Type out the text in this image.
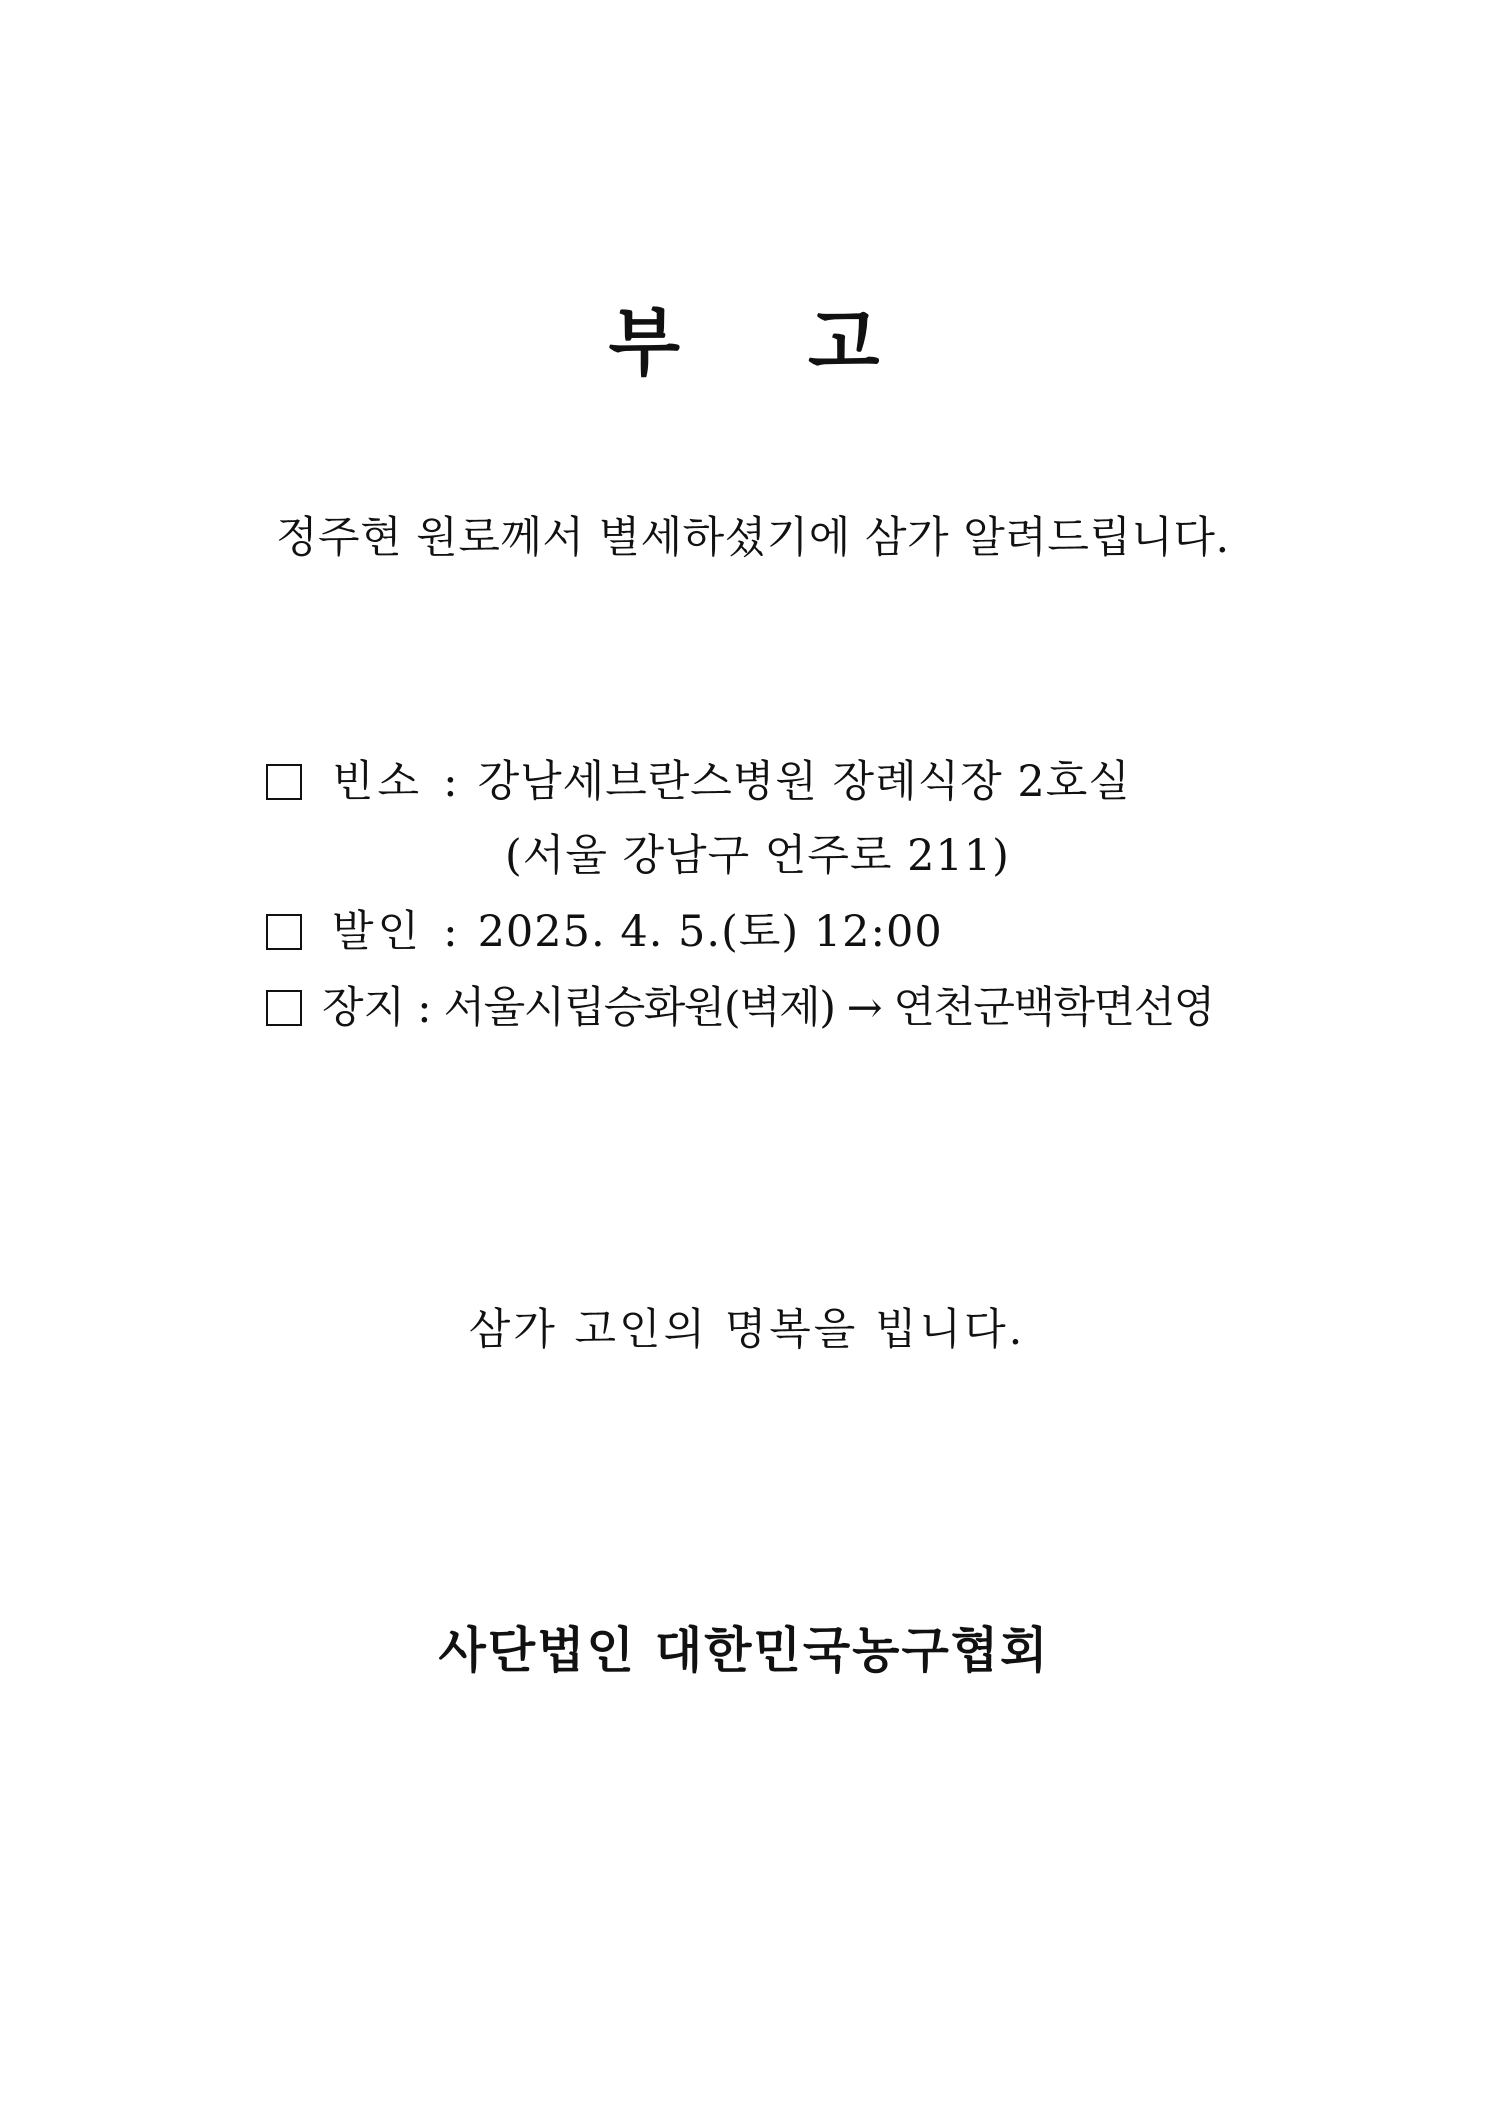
부 고
정주현 원로께서 별세하셨기에 삼가 알려드립니다.
빈소 : 강남세브란스병원 장례식장 2호실
(서울 강남구 언주로 211)
발인 : 2025. 4. 5.(토) 12:00
장지 : 서울시립승화원(벽제) → 연천군백학면선영
삼가 고인의 명복을 빕니다.
사단법인 대한민국농구협회
